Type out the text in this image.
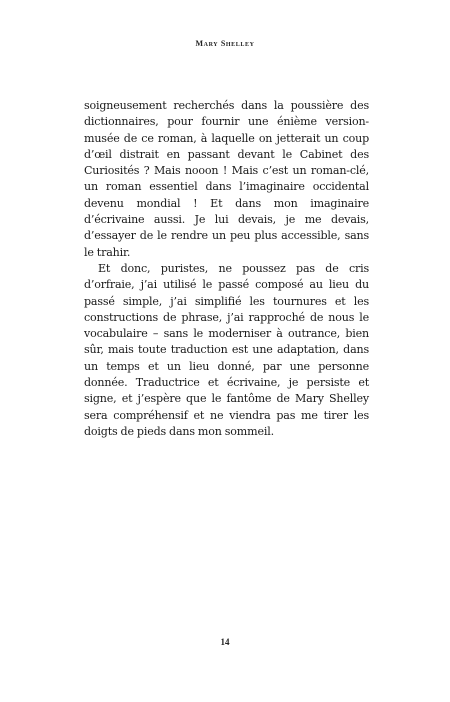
Mary Shelley

soigneusement recherchés dans la poussière des dictionnaires, pour fournir une énième version-musée de ce roman, à laquelle on jetterait un coup d’œil distrait en passant devant le Cabinet des Curiosités ? Mais nooon ! Mais c’est un roman-clé, un roman essentiel dans l’imaginaire occidental devenu mondial ! Et dans mon imaginaire d’écrivaine aussi. Je lui devais, je me devais, d’essayer de le rendre un peu plus accessible, sans le trahir.

Et donc, puristes, ne poussez pas de cris d’orfraie, j’ai utilisé le passé composé au lieu du passé simple, j’ai simplifié les tournures et les constructions de phrase, j’ai rapproché de nous le vocabulaire – sans le moderniser à outrance, bien sûr, mais toute traduction est une adaptation, dans un temps et un lieu donné, par une personne donnée. Traductrice et écrivaine, je persiste et signe, et j’espère que le fantôme de Mary Shelley sera compréhensif et ne viendra pas me tirer les doigts de pieds dans mon sommeil.

14
